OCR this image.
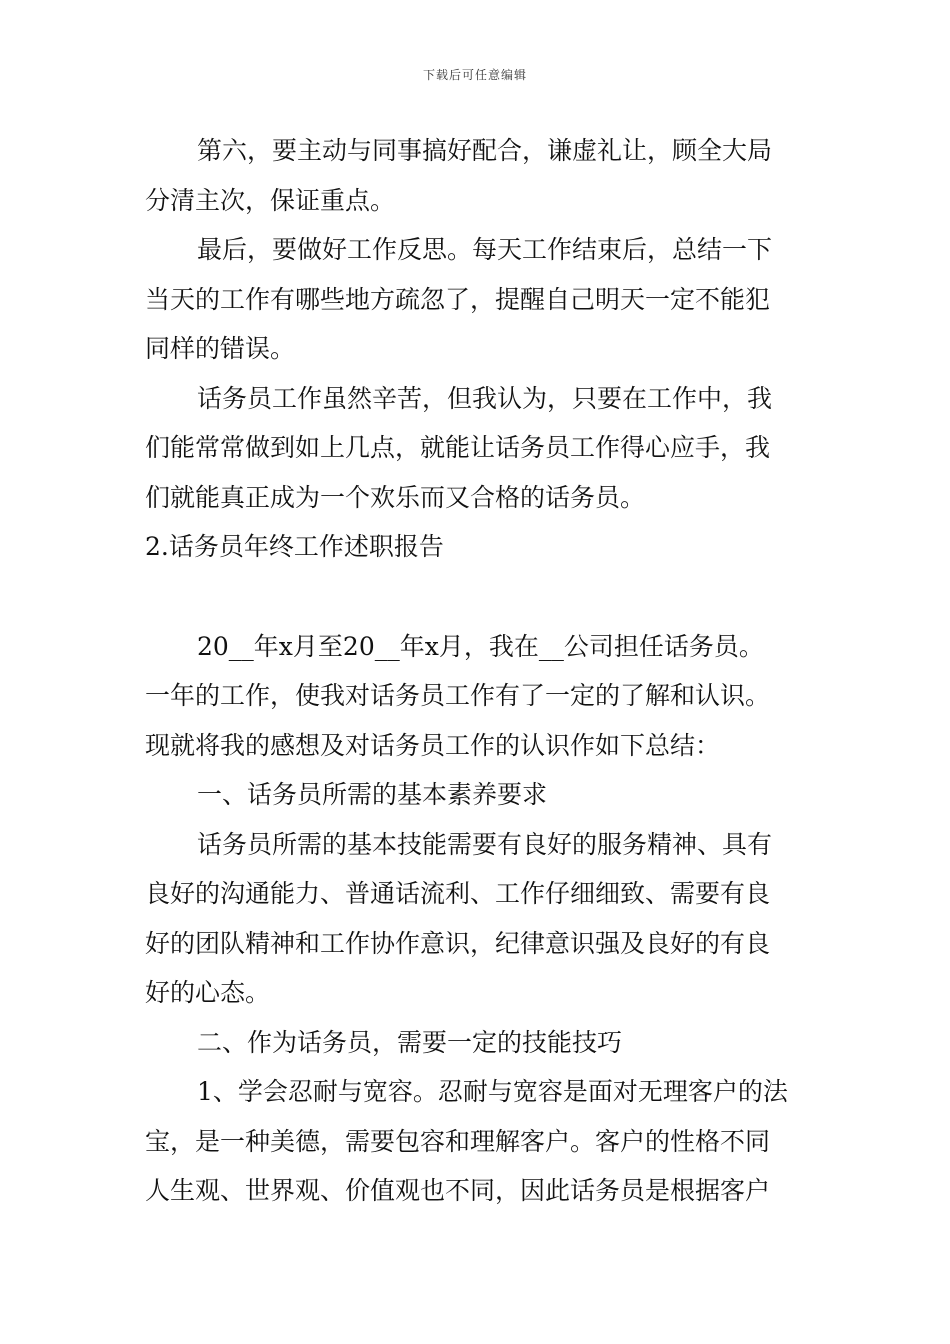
下载后可任意编辑
第六，要主动与同事搞好配合，谦虚礼让，顾全大局
分清主次，保证重点。
最后，要做好工作反思。每天工作结束后，总结一下
当天的工作有哪些地方疏忽了，提醒自己明天一定不能犯
同样的错误。
话务员工作虽然辛苦，但我认为，只要在工作中，我
们能常常做到如上几点，就能让话务员工作得心应手，我
们就能真正成为一个欢乐而又合格的话务员。
2.话务员年终工作述职报告
20__年x月至20__年x月，我在__公司担任话务员。
一年的工作，使我对话务员工作有了一定的了解和认识。
现就将我的感想及对话务员工作的认识作如下总结：
一、话务员所需的基本素养要求
话务员所需的基本技能需要有良好的服务精神、具有
良好的沟通能力、普通话流利、工作仔细细致、需要有良
好的团队精神和工作协作意识，纪律意识强及良好的有良
好的心态。
二、作为话务员，需要一定的技能技巧
1、学会忍耐与宽容。忍耐与宽容是面对无理客户的法
宝，是一种美德，需要包容和理解客户。客户的性格不同
人生观、世界观、价值观也不同，因此话务员是根据客户
